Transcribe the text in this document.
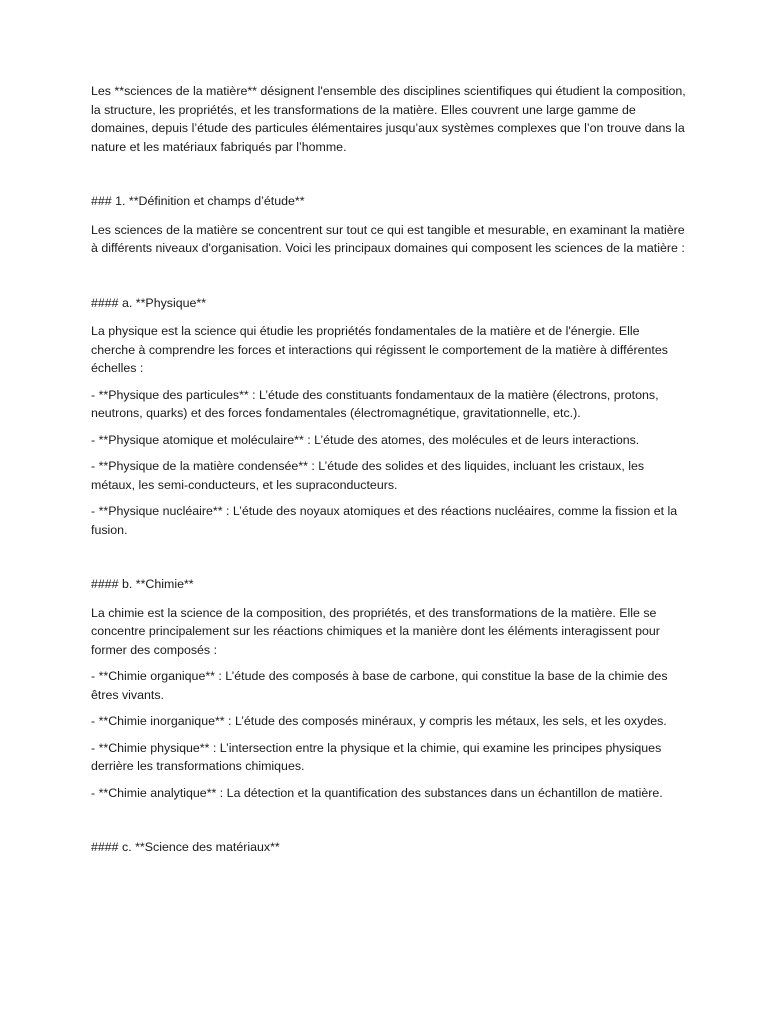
Les **sciences de la matière** désignent l'ensemble des disciplines scientifiques qui étudient la composition, la structure, les propriétés, et les transformations de la matière. Elles couvrent une large gamme de domaines, depuis l’étude des particules élémentaires jusqu’aux systèmes complexes que l’on trouve dans la nature et les matériaux fabriqués par l’homme.

### 1. **Définition et champs d’étude**

Les sciences de la matière se concentrent sur tout ce qui est tangible et mesurable, en examinant la matière à différents niveaux d'organisation. Voici les principaux domaines qui composent les sciences de la matière :

#### a. **Physique**

La physique est la science qui étudie les propriétés fondamentales de la matière et de l'énergie. Elle cherche à comprendre les forces et interactions qui régissent le comportement de la matière à différentes échelles :

- **Physique des particules** : L’étude des constituants fondamentaux de la matière (électrons, protons, neutrons, quarks) et des forces fondamentales (électromagnétique, gravitationnelle, etc.).

- **Physique atomique et moléculaire** : L’étude des atomes, des molécules et de leurs interactions.

- **Physique de la matière condensée** : L’étude des solides et des liquides, incluant les cristaux, les métaux, les semi-conducteurs, et les supraconducteurs.

- **Physique nucléaire** : L’étude des noyaux atomiques et des réactions nucléaires, comme la fission et la fusion.

#### b. **Chimie**

La chimie est la science de la composition, des propriétés, et des transformations de la matière. Elle se concentre principalement sur les réactions chimiques et la manière dont les éléments interagissent pour former des composés :

- **Chimie organique** : L’étude des composés à base de carbone, qui constitue la base de la chimie des êtres vivants.

- **Chimie inorganique** : L’étude des composés minéraux, y compris les métaux, les sels, et les oxydes.

- **Chimie physique** : L’intersection entre la physique et la chimie, qui examine les principes physiques derrière les transformations chimiques.

- **Chimie analytique** : La détection et la quantification des substances dans un échantillon de matière.

#### c. **Science des matériaux**
